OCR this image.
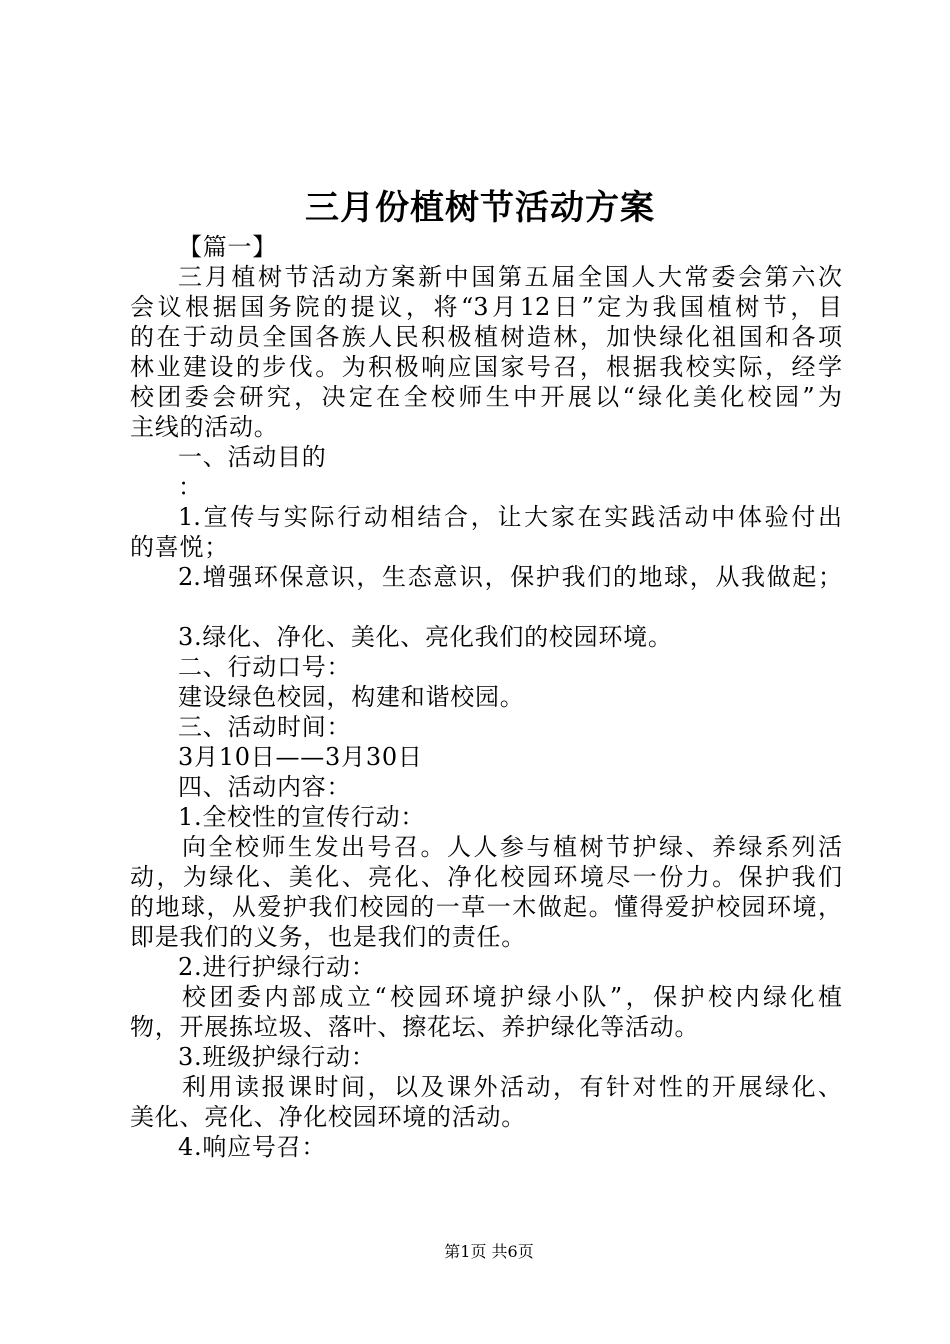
三月份植树节活动方案
【篇一】
三月植树节活动方案新中国第五届全国人大常委会第六次
会议根据国务院的提议，将“3月12日”定为我国植树节，目
的在于动员全国各族人民积极植树造林，加快绿化祖国和各项
林业建设的步伐。为积极响应国家号召，根据我校实际，经学
校团委会研究，决定在全校师生中开展以“绿化美化校园”为
主线的活动。
一、活动目的
：
1.宣传与实际行动相结合，让大家在实践活动中体验付出
的喜悦；
2.增强环保意识，生态意识，保护我们的地球，从我做起；
3.绿化、净化、美化、亮化我们的校园环境。
二、行动口号：
建设绿色校园，构建和谐校园。
三、活动时间：
3月10日——3月30日
四、活动内容：
1.全校性的宣传行动：
向全校师生发出号召。人人参与植树节护绿、养绿系列活
动，为绿化、美化、亮化、净化校园环境尽一份力。保护我们
的地球，从爱护我们校园的一草一木做起。懂得爱护校园环境，
即是我们的义务，也是我们的责任。
2.进行护绿行动：
校团委内部成立“校园环境护绿小队”，保护校内绿化植
物，开展拣垃圾、落叶、擦花坛、养护绿化等活动。
3.班级护绿行动：
利用读报课时间，以及课外活动，有针对性的开展绿化、
美化、亮化、净化校园环境的活动。
4.响应号召：
第1页 共6页
